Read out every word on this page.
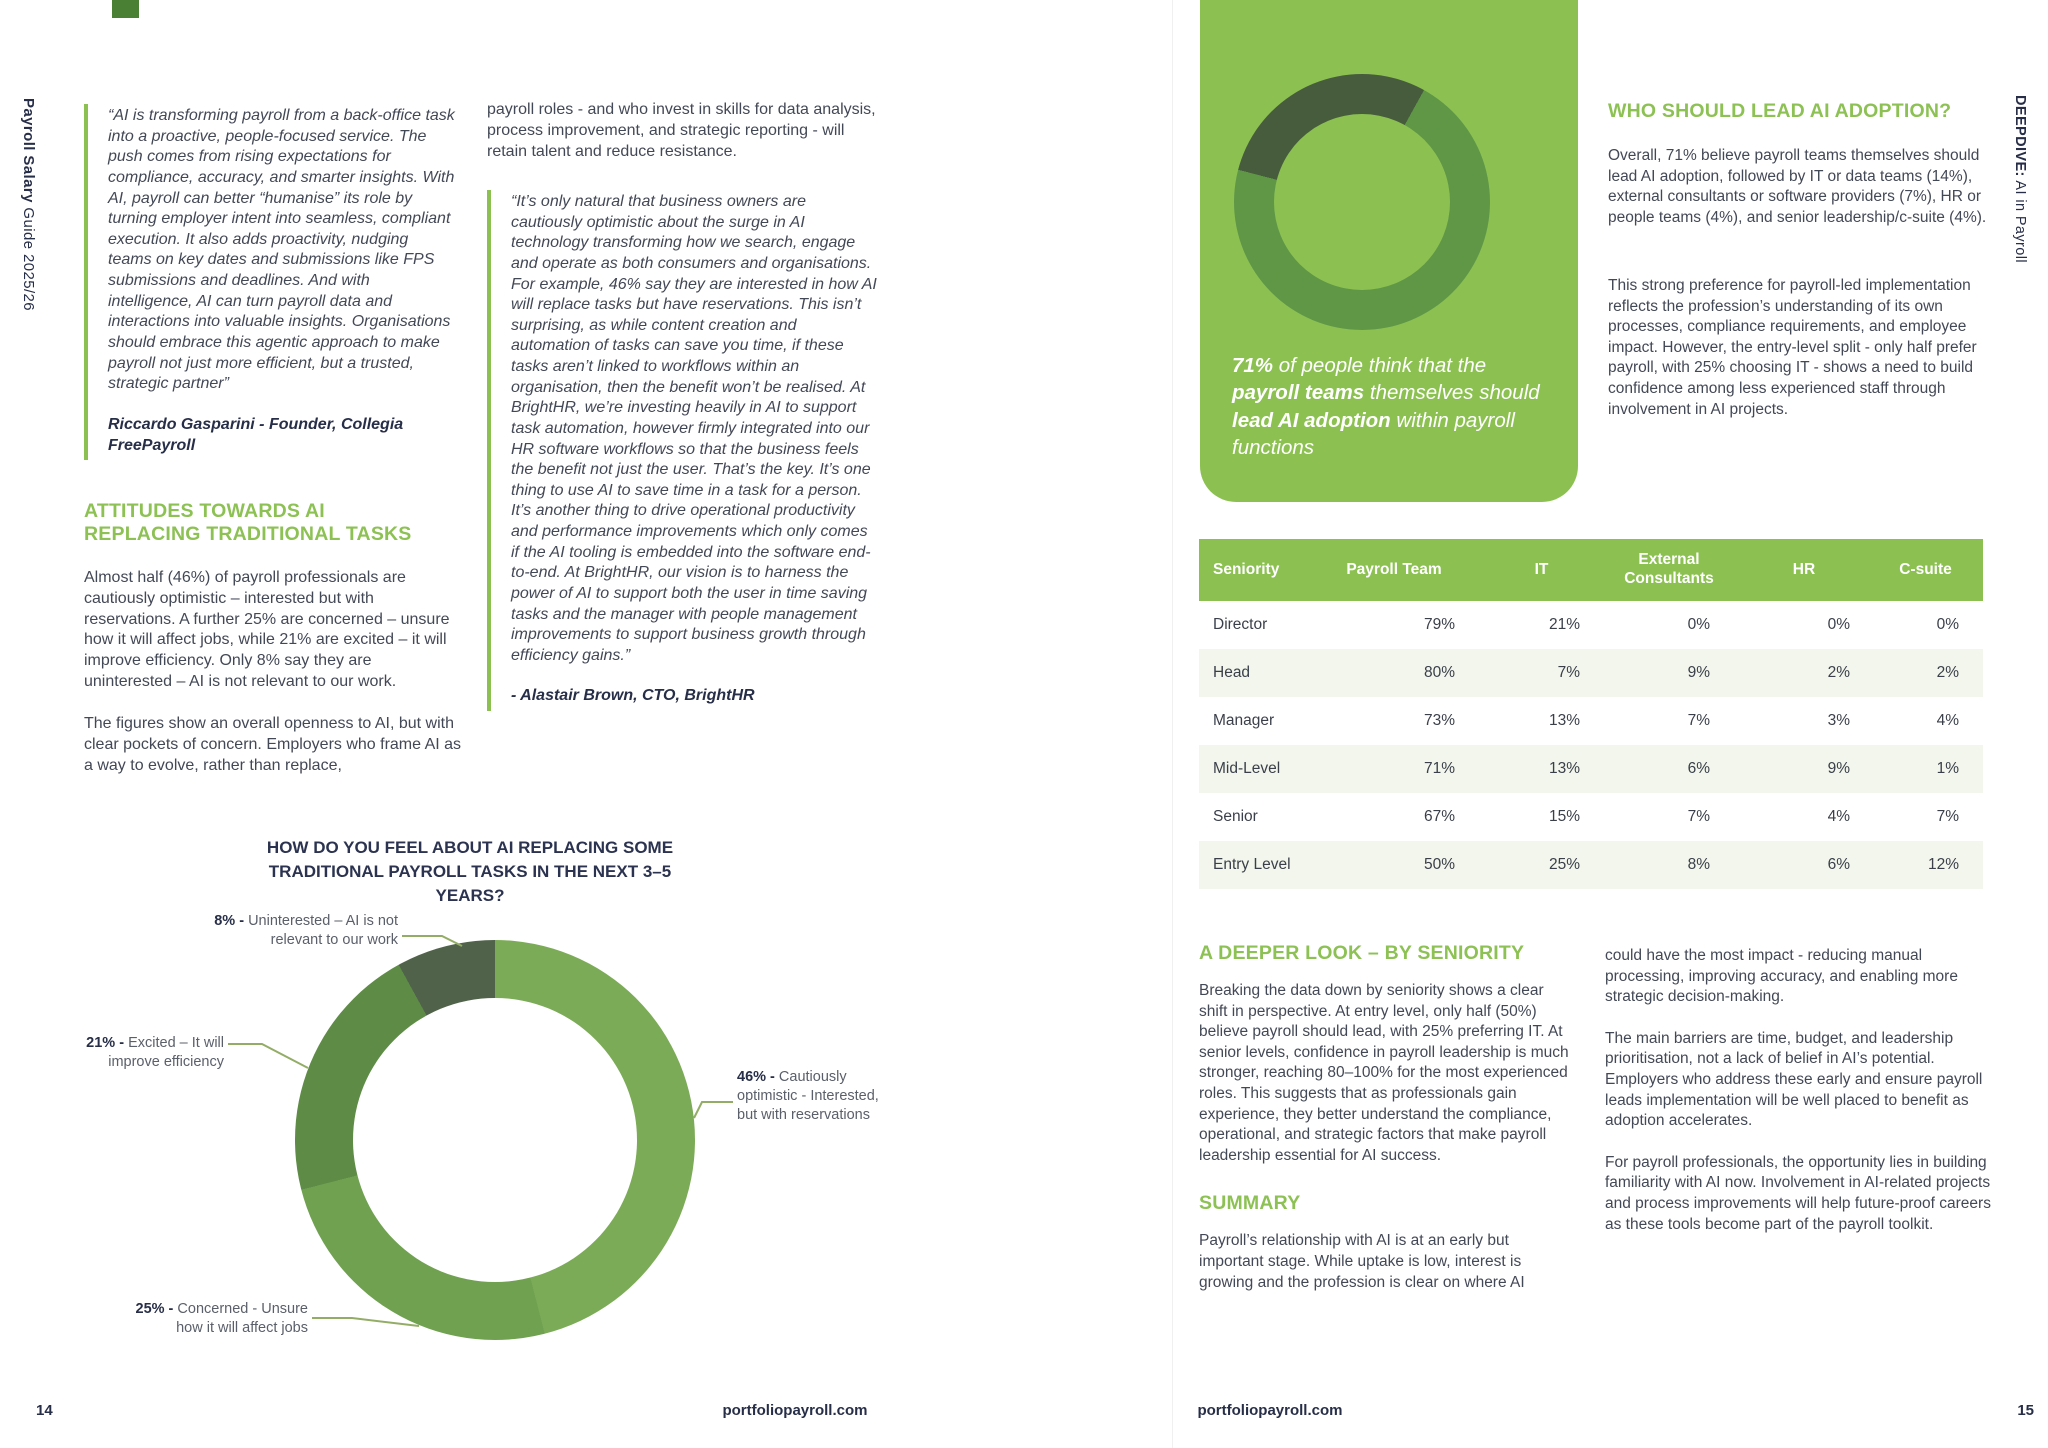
Payroll Salary Guide 2025/26
“AI is transforming payroll from a back-office task into a proactive, people-focused service. The push comes from rising expectations for compliance, accuracy, and smarter insights. With AI, payroll can better “humanise” its role by turning employer intent into seamless, compliant execution. It also adds proactivity, nudging teams on key dates and submissions like FPS submissions and deadlines. And with intelligence, AI can turn payroll data and interactions into valuable insights. Organisations should embrace this agentic approach to make payroll not just more efficient, but a trusted, strategic partner”
Riccardo Gasparini - Founder, Collegia FreePayroll
ATTITUDES TOWARDS AI
REPLACING TRADITIONAL TASKS
Almost half (46%) of payroll professionals are cautiously optimistic – interested but with reservations. A further 25% are concerned – unsure how it will affect jobs, while 21% are excited – it will improve efficiency. Only 8% say they are uninterested – AI is not relevant to our work.
The figures show an overall openness to AI, but with clear pockets of concern. Employers who frame AI as a way to evolve, rather than replace,
payroll roles - and who invest in skills for data analysis, process improvement, and strategic reporting - will retain talent and reduce resistance.
“It’s only natural that business owners are cautiously optimistic about the surge in AI technology transforming how we search, engage and operate as both consumers and organisations. For example, 46% say they are interested in how AI will replace tasks but have reservations. This isn’t surprising, as while content creation and automation of tasks can save you time, if these tasks aren’t linked to workflows within an organisation, then the benefit won’t be realised. At BrightHR, we’re investing heavily in AI to support task automation, however firmly integrated into our HR software workflows so that the business feels the benefit not just the user. That’s the key. It’s one thing to use AI to save time in a task for a person. It’s another thing to drive operational productivity and performance improvements which only comes if the AI tooling is embedded into the software end-to-end. At BrightHR, our vision is to harness the power of AI to support both the user in time saving tasks and the manager with people management improvements to support business growth through efficiency gains.”
- Alastair Brown, CTO, BrightHR
HOW DO YOU FEEL ABOUT AI REPLACING SOME
TRADITIONAL PAYROLL TASKS IN THE NEXT 3–5 YEARS?
8% - Uninterested – AI is not relevant to our work
21% - Excited – It will improve efficiency
25% - Concerned - Unsure how it will affect jobs
46% - Cautiously optimistic - Interested, but with reservations
71% of people think that the payroll teams themselves should lead AI adoption within payroll functions
WHO SHOULD LEAD AI ADOPTION?
Overall, 71% believe payroll teams themselves should lead AI adoption, followed by IT or data teams (14%), external consultants or software providers (7%), HR or people teams (4%), and senior leadership/c-suite (4%).
This strong preference for payroll-led implementation reflects the profession’s understanding of its own processes, compliance requirements, and employee impact. However, the entry-level split - only half prefer payroll, with 25% choosing IT - shows a need to build confidence among less experienced staff through involvement in AI projects.
DEEPDIVE: AI in Payroll
Seniority	Payroll Team	IT	External Consultants	HR	C-suite
Director	79%	21%	0%	0%	0%
Head	80%	7%	9%	2%	2%
Manager	73%	13%	7%	3%	4%
Mid-Level	71%	13%	6%	9%	1%
Senior	67%	15%	7%	4%	7%
Entry Level	50%	25%	8%	6%	12%
A DEEPER LOOK – BY SENIORITY
Breaking the data down by seniority shows a clear shift in perspective. At entry level, only half (50%) believe payroll should lead, with 25% preferring IT. At senior levels, confidence in payroll leadership is much stronger, reaching 80–100% for the most experienced roles. This suggests that as professionals gain experience, they better understand the compliance, operational, and strategic factors that make payroll leadership essential for AI success.
SUMMARY
Payroll’s relationship with AI is at an early but important stage. While uptake is low, interest is growing and the profession is clear on where AI
could have the most impact - reducing manual processing, improving accuracy, and enabling more strategic decision-making.
The main barriers are time, budget, and leadership prioritisation, not a lack of belief in AI’s potential. Employers who address these early and ensure payroll leads implementation will be well placed to benefit as adoption accelerates.
For payroll professionals, the opportunity lies in building familiarity with AI now. Involvement in AI-related projects and process improvements will help future-proof careers as these tools become part of the payroll toolkit.
14	portfoliopayroll.com	portfoliopayroll.com	15
